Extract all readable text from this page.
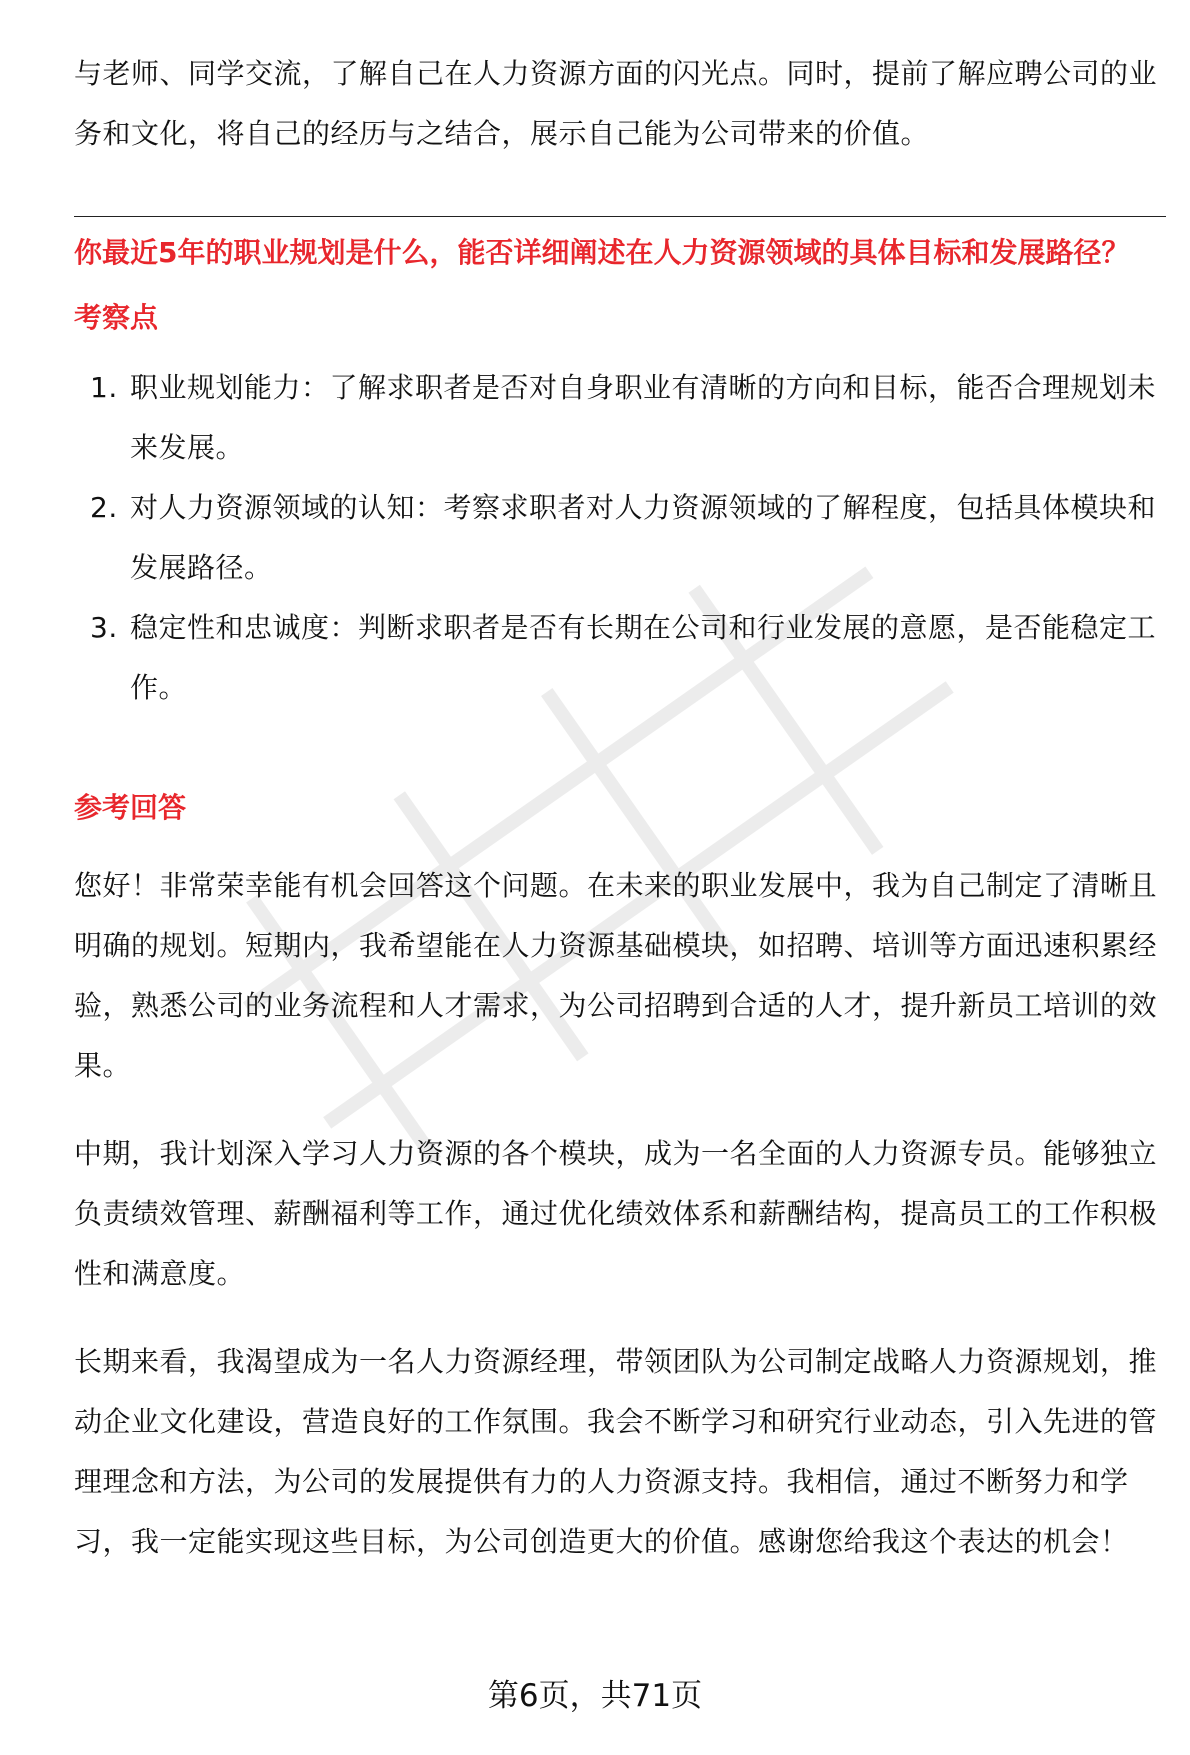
与老师、同学交流，了解自己在人力资源方面的闪光点。同时，提前了解应聘公司的业务和文化，将自己的经历与之结合，展示自己能为公司带来的价值。

你最近5年的职业规划是什么，能否详细阐述在人力资源领域的具体目标和发展路径？
考察点
1. 职业规划能力：了解求职者是否对自身职业有清晰的方向和目标，能否合理规划未来发展。
2. 对人力资源领域的认知：考察求职者对人力资源领域的了解程度，包括具体模块和发展路径。
3. 稳定性和忠诚度：判断求职者是否有长期在公司和行业发展的意愿，是否能稳定工作。
参考回答

您好！非常荣幸能有机会回答这个问题。在未来的职业发展中，我为自己制定了清晰且明确的规划。短期内，我希望能在人力资源基础模块，如招聘、培训等方面迅速积累经验，熟悉公司的业务流程和人才需求，为公司招聘到合适的人才，提升新员工培训的效果。

中期，我计划深入学习人力资源的各个模块，成为一名全面的人力资源专员。能够独立负责绩效管理、薪酬福利等工作，通过优化绩效体系和薪酬结构，提高员工的工作积极性和满意度。

长期来看，我渴望成为一名人力资源经理，带领团队为公司制定战略人力资源规划，推动企业文化建设，营造良好的工作氛围。我会不断学习和研究行业动态，引入先进的管理理念和方法，为公司的发展提供有力的人力资源支持。我相信，通过不断努力和学习，我一定能实现这些目标，为公司创造更大的价值。感谢您给我这个表达的机会！

第6页，共71页
